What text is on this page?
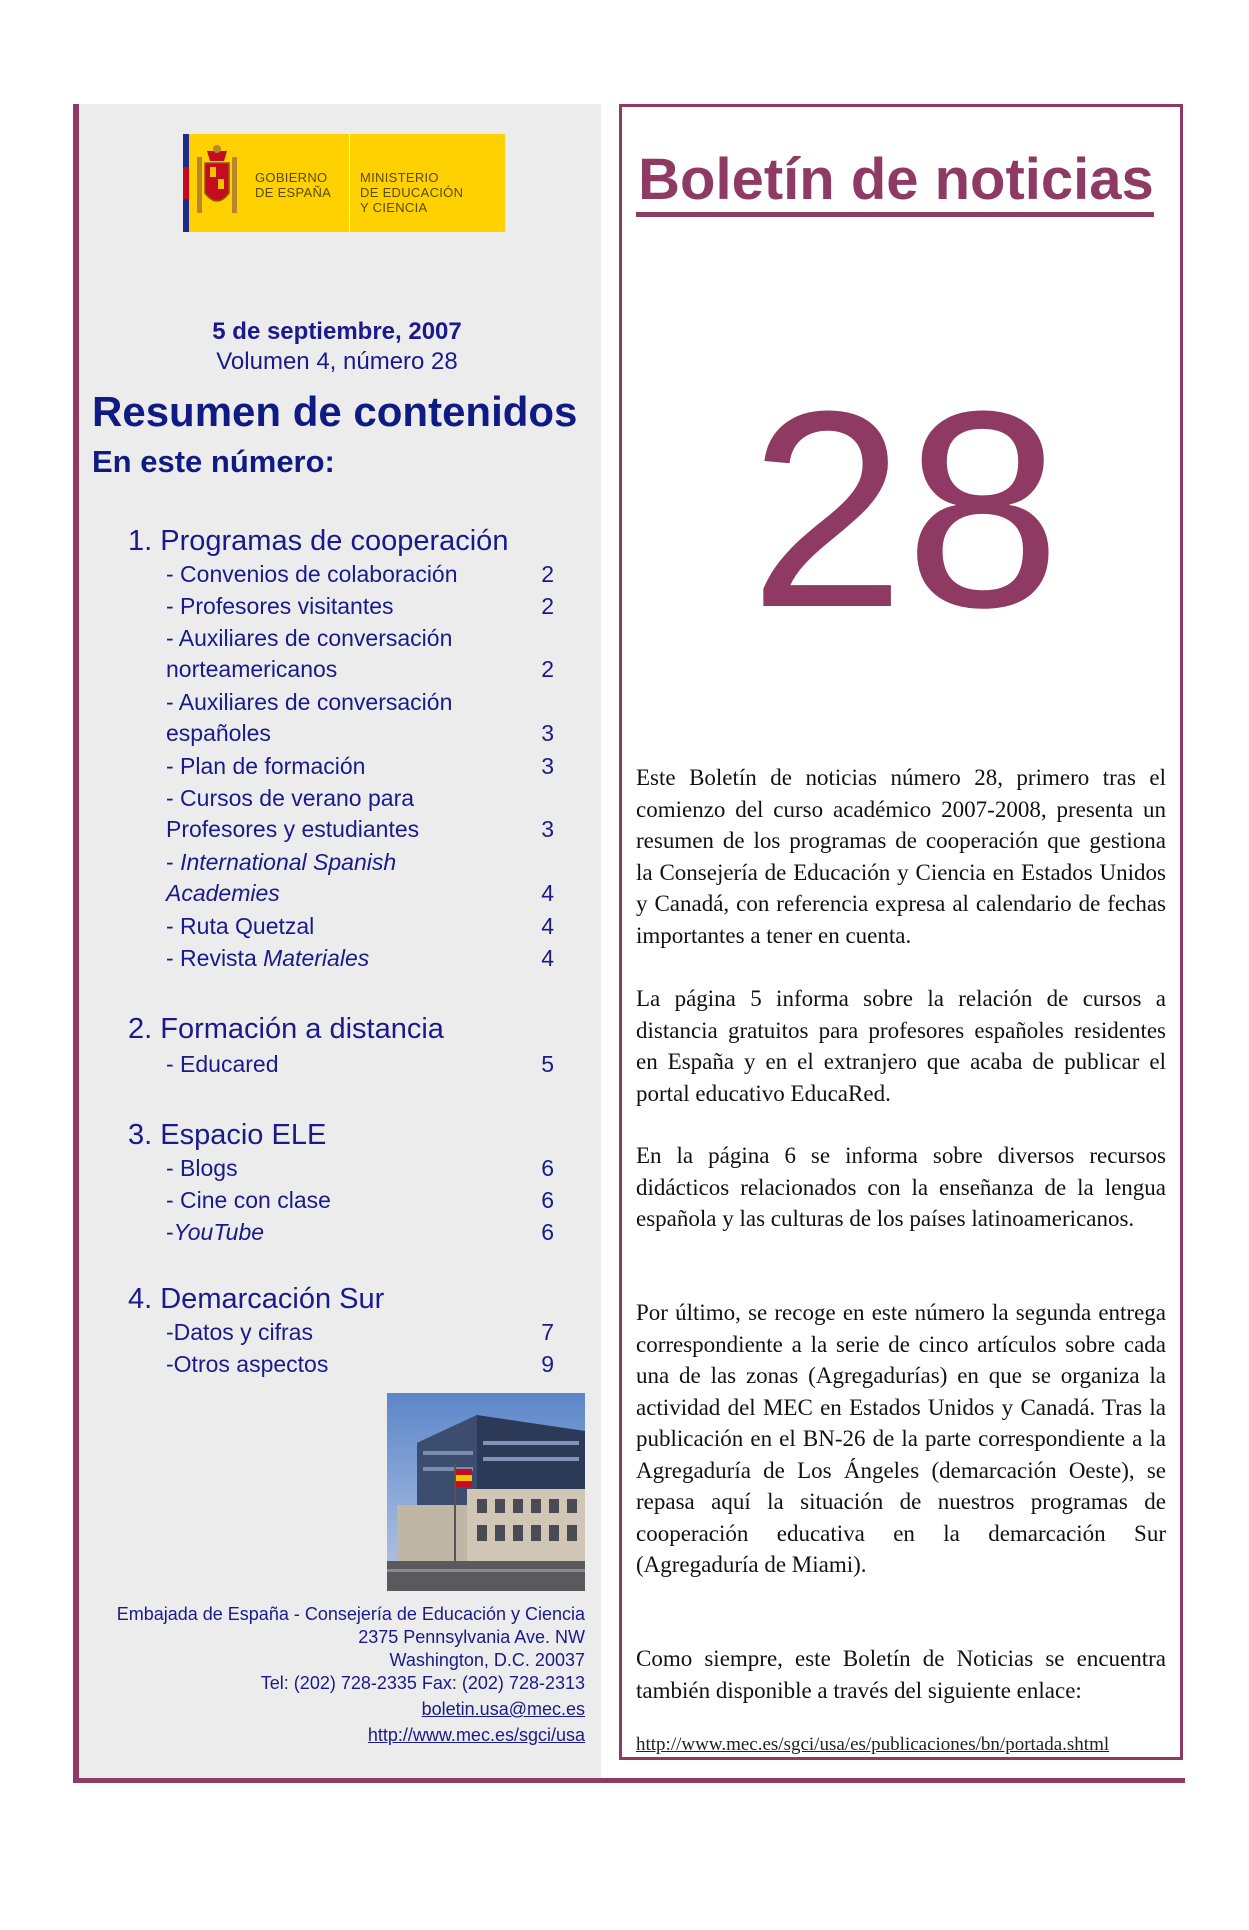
GOBIERNO
DE ESPAÑA
MINISTERIO
DE EDUCACIÓN
Y CIENCIA
5 de septiembre, 2007
Volumen 4, número 28
Resumen de contenidos
En este número:
1. Programas de cooperación
- Convenios de colaboración	2
- Profesores visitantes	2
- Auxiliares de conversación
norteamericanos	2
- Auxiliares de conversación
españoles	3
- Plan de formación	3
- Cursos de verano para
Profesores y estudiantes	3
- International Spanish
Academies	4
- Ruta Quetzal	4
- Revista Materiales	4
2. Formación a distancia
- Educared	5
3. Espacio ELE
- Blogs	6
- Cine con clase	6
-YouTube	6
4. Demarcación Sur
-Datos y cifras	7
-Otros aspectos	9
Embajada de España - Consejería de Educación y Ciencia
2375 Pennsylvania Ave. NW
Washington, D.C. 20037
Tel: (202) 728-2335 Fax: (202) 728-2313
boletin.usa@mec.es
http://www.mec.es/sgci/usa
Boletín de noticias
28
Este Boletín de noticias número 28, primero tras el comienzo del curso académico 2007-2008, presenta un resumen de los programas de cooperación que gestiona la Consejería de Educación y Ciencia en Estados Unidos y Canadá, con referencia expresa al calendario de fechas importantes a tener en cuenta.
La página 5 informa sobre la relación de cursos a distancia gratuitos para profesores españoles residentes en España y en el extranjero que acaba de publicar el portal educativo EducaRed.
En la página 6 se informa sobre diversos recursos didácticos relacionados con la enseñanza de la lengua española y las culturas de los países latinoamericanos.
Por último, se recoge en este número la segunda entrega correspondiente a la serie de cinco artículos sobre cada una de las zonas (Agregadurías) en que se organiza la actividad del MEC en Estados Unidos y Canadá. Tras la publicación en el BN-26 de la parte correspondiente a la Agregaduría de Los Ángeles (demarcación Oeste), se repasa aquí la situación de nuestros programas de cooperación educativa en la demarcación Sur (Agregaduría de Miami).
Como siempre, este Boletín de Noticias se encuentra también disponible a través del siguiente enlace:
http://www.mec.es/sgci/usa/es/publicaciones/bn/portada.shtml
